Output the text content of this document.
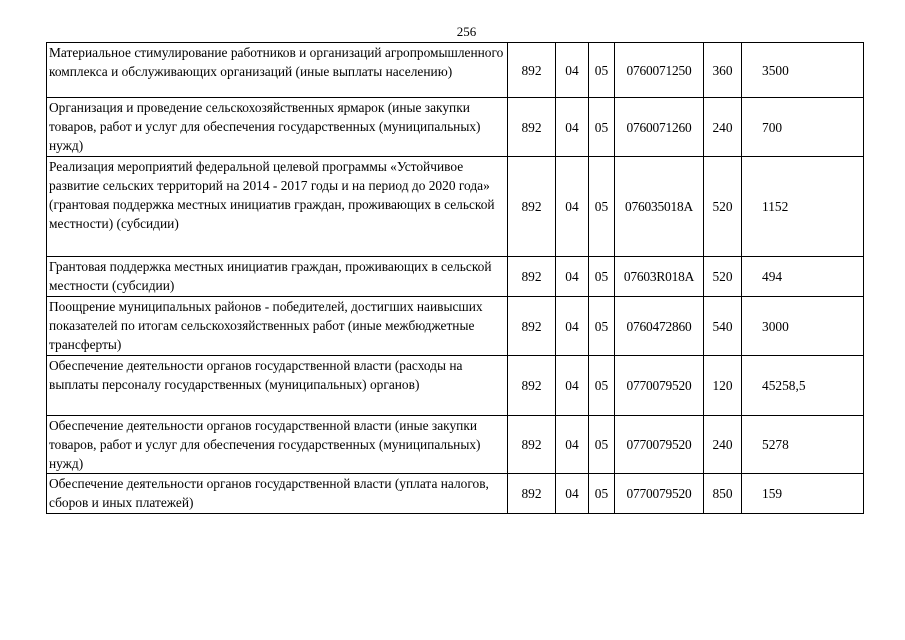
256
Материальное стимулирование работников и организаций агропромышленного комплекса и обслуживающих организаций (иные выплаты населению)	892	04	05	0760071250	360	3500
Организация и проведение сельскохозяйственных ярмарок (иные закупки товаров, работ и услуг для обеспечения государственных (муниципальных) нужд)	892	04	05	0760071260	240	700
Реализация мероприятий федеральной целевой программы «Устойчивое развитие сельских территорий на 2014 - 2017 годы и на период до 2020 года» (грантовая поддержка местных инициатив граждан, проживающих в сельской местности) (субсидии)	892	04	05	076035018А	520	1152
Грантовая поддержка местных инициатив граждан, проживающих в сельской местности (субсидии)	892	04	05	07603R018А	520	494
Поощрение муниципальных районов - победителей, достигших наивысших показателей по итогам сельскохозяйственных работ (иные межбюджетные трансферты)	892	04	05	0760472860	540	3000
Обеспечение деятельности органов государственной власти (расходы на выплаты персоналу государственных (муниципальных) органов)	892	04	05	0770079520	120	45258,5
Обеспечение деятельности органов государственной власти (иные закупки товаров, работ и услуг для обеспечения государственных (муниципальных) нужд)	892	04	05	0770079520	240	5278
Обеспечение деятельности органов государственной власти (уплата налогов, сборов и иных платежей)	892	04	05	0770079520	850	159
